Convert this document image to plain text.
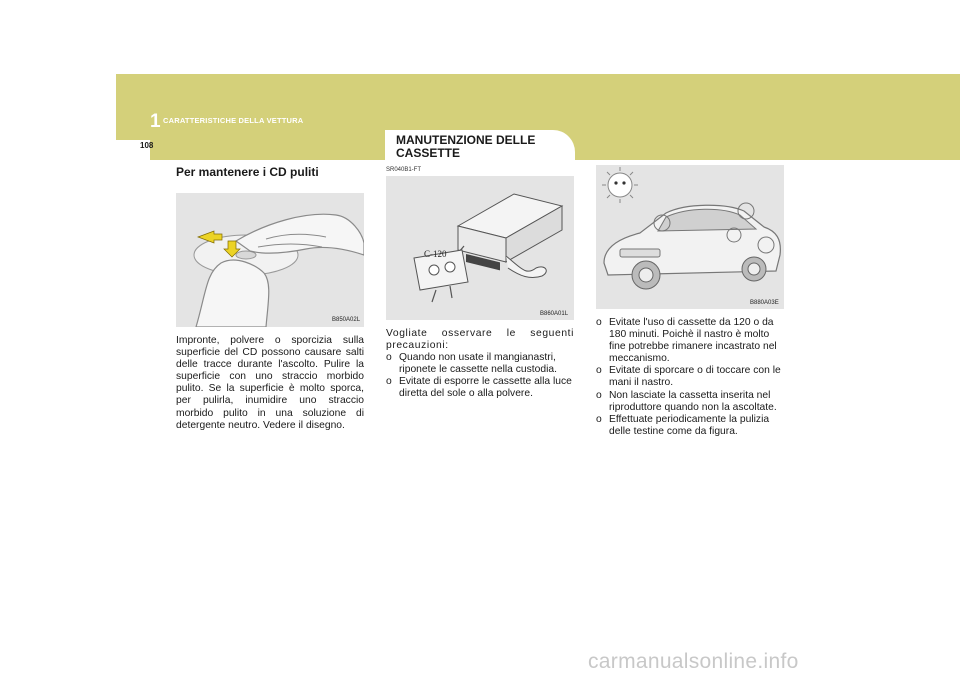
1 CARATTERISTICHE DELLA VETTURA
108	MANUTENZIONE DELLE
CASSETTE
SR040B1-FT
Per mantenere i CD puliti
B850A02L
Impronte, polvere o sporcizia sulla superficie del CD possono causare salti delle tracce durante l'ascolto. Pulire la superficie con uno straccio morbido pulito. Se la superficie è molto sporca, per pulirla, inumidire uno straccio morbido pulito in una soluzione di detergente neutro. Vedere il disegno.
C-120
B860A01L
Vogliate osservare le seguenti precauzioni:
o Quando non usate il mangianastri, riponete le cassette nella custodia.
o Evitate di esporre le cassette alla luce diretta del sole o alla polvere.
B880A03E
o Evitate l'uso di cassette da 120 o da 180 minuti. Poichè il nastro è molto fine potrebbe rimanere incastrato nel meccanismo.
o Evitate di sporcare o di toccare con le mani il nastro.
o Non lasciate la cassetta inserita nel riproduttore quando non la ascoltate.
o Effettuate periodicamente la pulizia delle testine come da figura.
carmanualsonline.info
